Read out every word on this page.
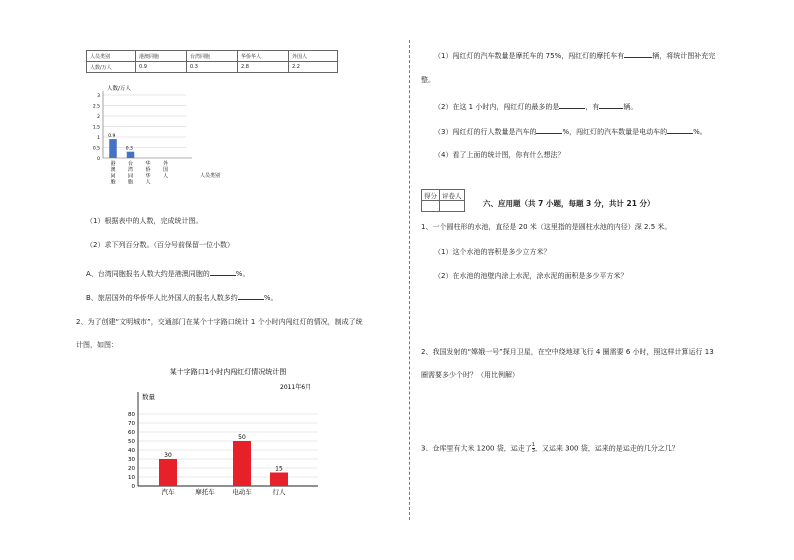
人员类别	港澳同胞	台湾同胞	华侨华人	外国人
人数/万人	0.9	0.3	2.8	2.2
人数/万人
3
2.5
2
1.5
1
0.5
0
人员类别
0.9
港澳同胞
0.3
台湾同胞
华侨华人
外国人
（1）根据表中的人数，完成统计图。
（2）求下列百分数。（百分号前保留一位小数）
A、台湾同胞报名人数大约是港澳同胞的	%。
B、旅居国外的华侨华人比外国人的报名人数多约	%。
2、为了创建“文明城市”，交通部门在某个十字路口统计 1 个小时内闯红灯的情况，制成了统
计图，如图：
某十字路口1小时内闯红灯情况统计图
2011年6月
数量
80
70
60
50
40
30
20
10
0
30
汽车	摩托车
50
电动车
15
行人
（1）闯红灯的汽车数量是摩托车的 75%，闯红灯的摩托车有	辆，将统计图补充完
整。
（2）在这 1 小时内，闯红灯的最多的是	，有	辆。
（3）闯红灯的行人数量是汽车的	%，闯红灯的汽车数量是电动车的	%。
（4）看了上面的统计图，你有什么想法？
得分	评卷人

六、应用题（共 7 小题，每题 3 分，共计 21 分）
1、一个圆柱形的水池，直径是 20 米（这里指的是圆柱水池的内径）深 2.5 米。
（1）这个水池的容积是多少立方米？
（2）在水池的池壁内涂上水泥，涂水泥的面积是多少平方米？
2、我国发射的“嫦娥一号”探月卫星，在空中绕地球飞行 4 圈需要 6 小时，照这样计算运行 13
圈需要多少个时？（用比例解）
3、仓库里有大米 1200 袋，运走了 $\frac{1}{3}$ ，又运来 300 袋，运来的是运走的几分之几？
